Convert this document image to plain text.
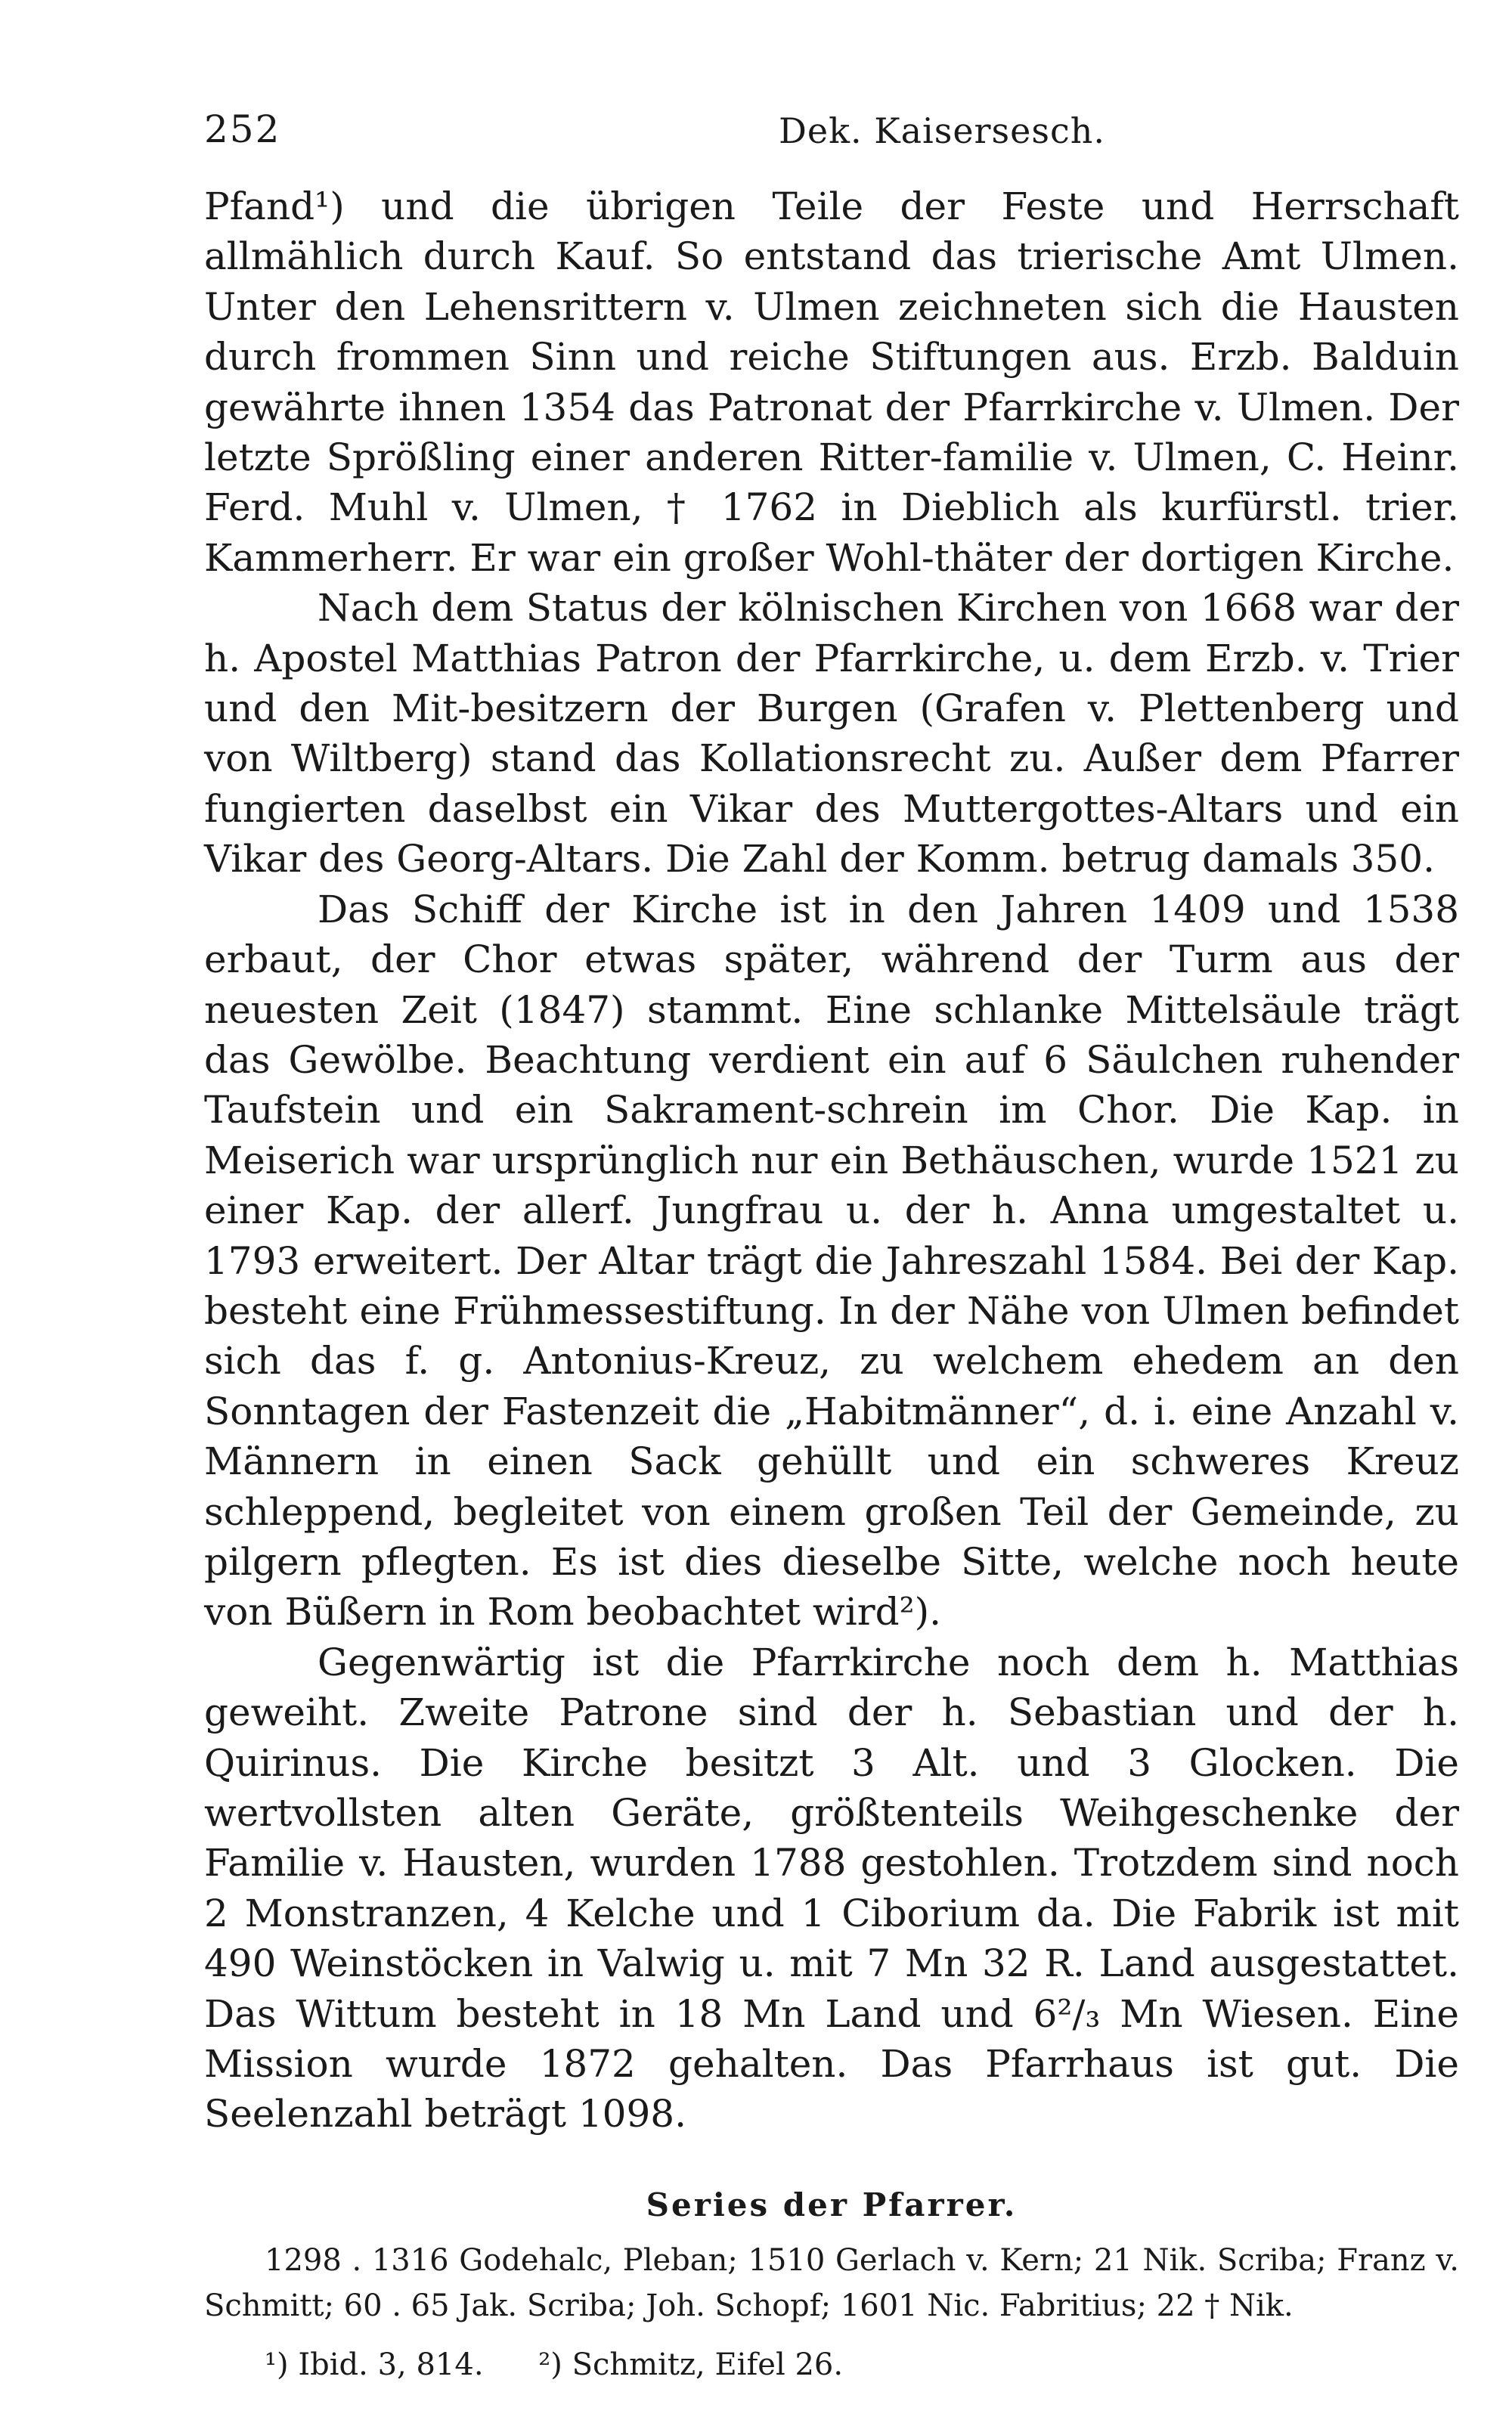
252	Dek. Kaisersesch.

Pfand¹) und die übrigen Teile der Feste und Herrschaft allmählich durch Kauf. So entstand das trierische Amt Ulmen. Unter den Lehensrittern v. Ulmen zeichneten sich die Hausten durch frommen Sinn und reiche Stiftungen aus. Erzb. Balduin gewährte ihnen 1354 das Patronat der Pfarrkirche v. Ulmen. Der letzte Sprößling einer anderen Ritter-familie v. Ulmen, C. Heinr. Ferd. Muhl v. Ulmen, † 1762 in Dieblich als kurfürstl. trier. Kammerherr. Er war ein großer Wohl-thäter der dortigen Kirche.

Nach dem Status der kölnischen Kirchen von 1668 war der h. Apostel Matthias Patron der Pfarrkirche, u. dem Erzb. v. Trier und den Mit-besitzern der Burgen (Grafen v. Plettenberg und von Wiltberg) stand das Kollationsrecht zu. Außer dem Pfarrer fungierten daselbst ein Vikar des Muttergottes-Altars und ein Vikar des Georg-Altars. Die Zahl der Komm. betrug damals 350.

Das Schiff der Kirche ist in den Jahren 1409 und 1538 erbaut, der Chor etwas später, während der Turm aus der neuesten Zeit (1847) stammt. Eine schlanke Mittelsäule trägt das Gewölbe. Beachtung verdient ein auf 6 Säulchen ruhender Taufstein und ein Sakrament-schrein im Chor. Die Kap. in Meiserich war ursprünglich nur ein Bethäuschen, wurde 1521 zu einer Kap. der allerf. Jungfrau u. der h. Anna umgestaltet u. 1793 erweitert. Der Altar trägt die Jahreszahl 1584. Bei der Kap. besteht eine Frühmessestiftung. In der Nähe von Ulmen befindet sich das f. g. Antonius-Kreuz, zu welchem ehedem an den Sonntagen der Fastenzeit die „Habitmänner“, d. i. eine Anzahl v. Männern in einen Sack gehüllt und ein schweres Kreuz schleppend, begleitet von einem großen Teil der Gemeinde, zu pilgern pflegten. Es ist dies dieselbe Sitte, welche noch heute von Büßern in Rom beobachtet wird²).

Gegenwärtig ist die Pfarrkirche noch dem h. Matthias geweiht. Zweite Patrone sind der h. Sebastian und der h. Quirinus. Die Kirche besitzt 3 Alt. und 3 Glocken. Die wertvollsten alten Geräte, größtenteils Weihgeschenke der Familie v. Hausten, wurden 1788 gestohlen. Trotzdem sind noch 2 Monstranzen, 4 Kelche und 1 Ciborium da. Die Fabrik ist mit 490 Weinstöcken in Valwig u. mit 7 Mn 32 R. Land ausgestattet. Das Wittum besteht in 18 Mn Land und 6²/₃ Mn Wiesen. Eine Mission wurde 1872 gehalten. Das Pfarrhaus ist gut. Die Seelenzahl beträgt 1098.

Series der Pfarrer.

1298 . 1316 Godehalc, Pleban; 1510 Gerlach v. Kern; 21 Nik. Scriba; Franz v. Schmitt; 60 . 65 Jak. Scriba; Joh. Schopf; 1601 Nic. Fabritius; 22 † Nik.

¹) Ibid. 3, 814. ²) Schmitz, Eifel 26.
